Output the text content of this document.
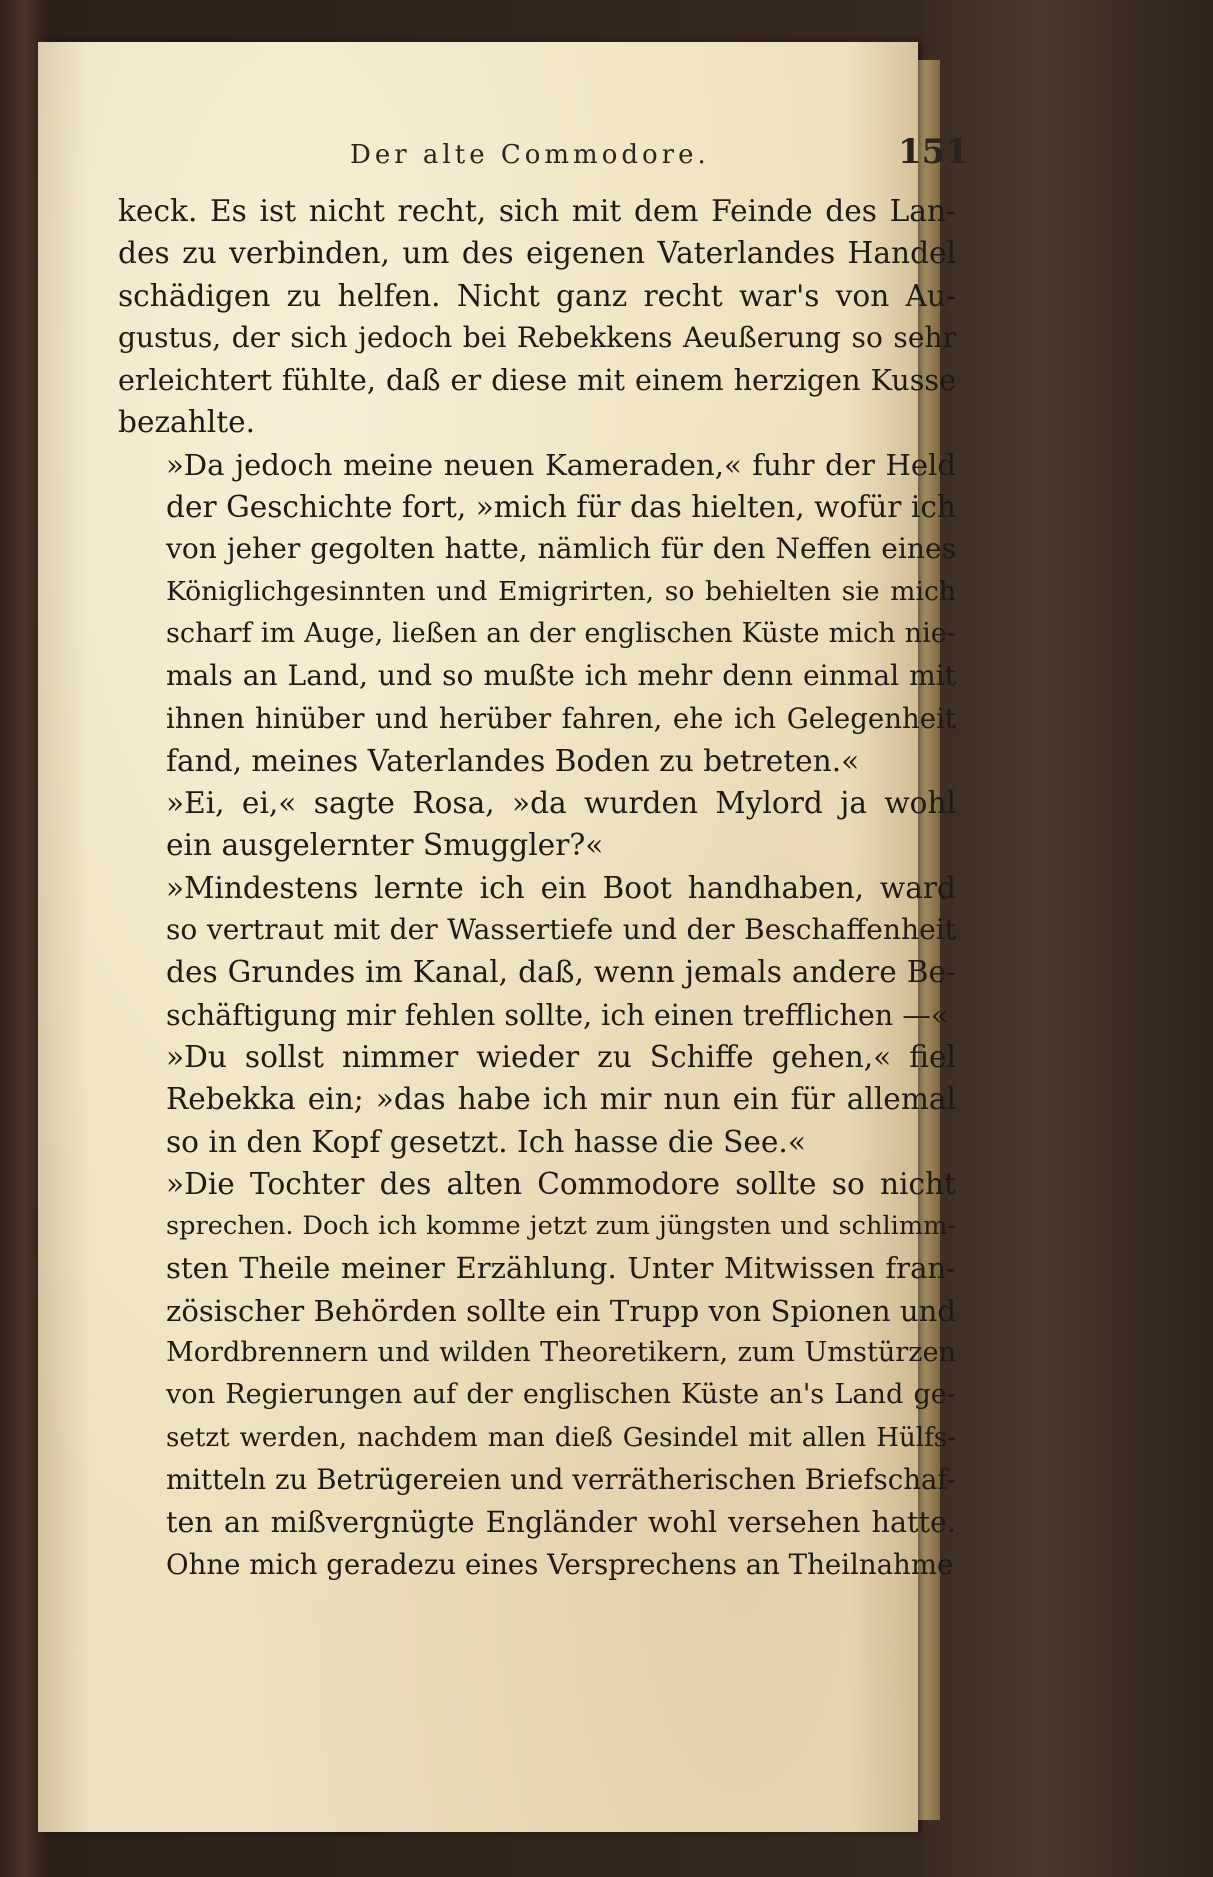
Der alte Commodore.	151

keck. Es ist nicht recht, sich mit dem Feinde des Lan-
des zu verbinden, um des eigenen Vaterlandes Handel
schädigen zu helfen. Nicht ganz recht war's von Au-
gustus, der sich jedoch bei Rebekkens Aeußerung so sehr
erleichtert fühlte, daß er diese mit einem herzigen Kusse
bezahlte.

»Da jedoch meine neuen Kameraden,« fuhr der Held
der Geschichte fort, »mich für das hielten, wofür ich
von jeher gegolten hatte, nämlich für den Neffen eines
Königlichgesinnten und Emigrirten, so behielten sie mich
scharf im Auge, ließen an der englischen Küste mich nie-
mals an Land, und so mußte ich mehr denn einmal mit
ihnen hinüber und herüber fahren, ehe ich Gelegenheit
fand, meines Vaterlandes Boden zu betreten.«

»Ei, ei,« sagte Rosa, »da wurden Mylord ja wohl
ein ausgelernter Smuggler?«

»Mindestens lernte ich ein Boot handhaben, ward
so vertraut mit der Wassertiefe und der Beschaffenheit
des Grundes im Kanal, daß, wenn jemals andere Be-
schäftigung mir fehlen sollte, ich einen trefflichen —«

»Du sollst nimmer wieder zu Schiffe gehen,« fiel
Rebekka ein; »das habe ich mir nun ein für allemal
so in den Kopf gesetzt. Ich hasse die See.«

»Die Tochter des alten Commodore sollte so nicht
sprechen. Doch ich komme jetzt zum jüngsten und schlimm-
sten Theile meiner Erzählung. Unter Mitwissen fran-
zösischer Behörden sollte ein Trupp von Spionen und
Mordbrennern und wilden Theoretikern, zum Umstürzen
von Regierungen auf der englischen Küste an's Land ge-
setzt werden, nachdem man dieß Gesindel mit allen Hülfs-
mitteln zu Betrügereien und verrätherischen Briefschaf-
ten an mißvergnügte Engländer wohl versehen hatte.
Ohne mich geradezu eines Versprechens an Theilnahme
